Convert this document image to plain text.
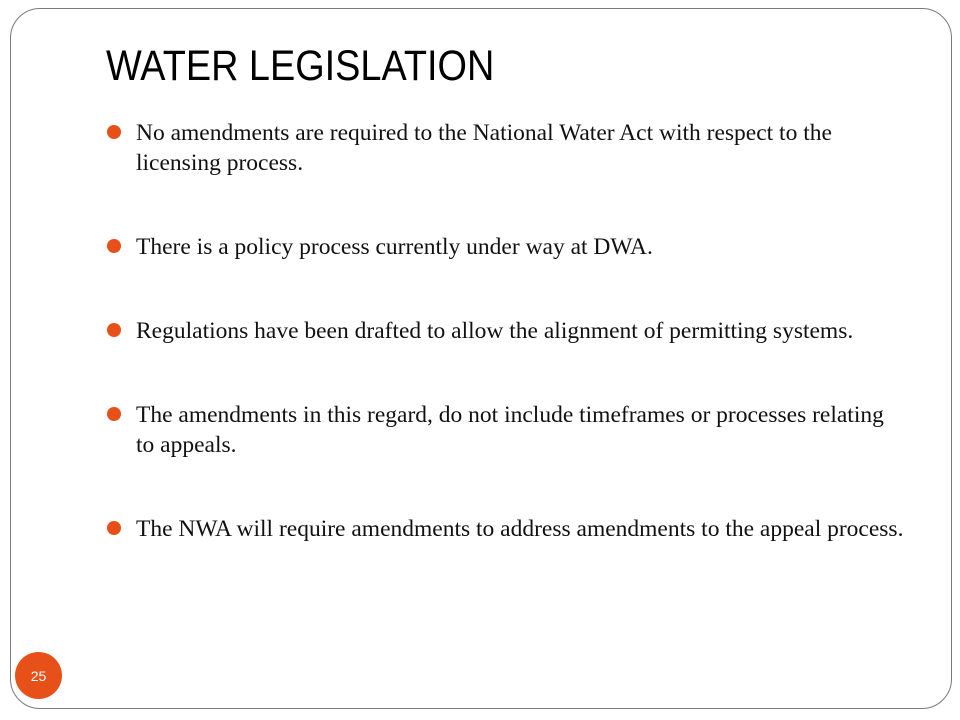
WATER LEGISLATION
No amendments are required to the National Water Act with respect to the licensing process.
There is a policy process currently under way at DWA.
Regulations have been drafted to allow the alignment of permitting systems.
The amendments in this regard, do not include timeframes or processes relating to appeals.
The NWA will require amendments to address amendments to the appeal process.
25
